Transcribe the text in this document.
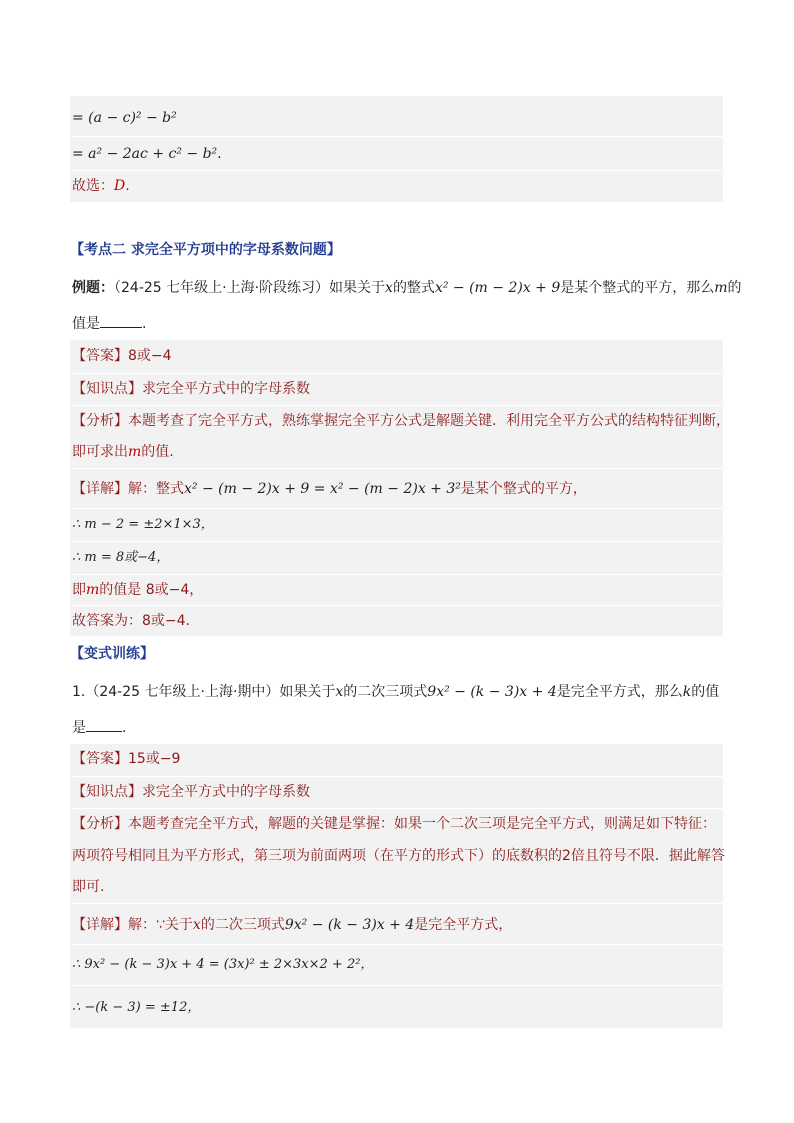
= (a − c)² − b²
= a² − 2ac + c² − b².
故选：D.
【考点二 求完全平方项中的字母系数问题】
例题：（24-25 七年级上·上海·阶段练习）如果关于x的整式x² − (m − 2)x + 9是某个整式的平方，那么m的
值是	.
【答案】8或−4
【知识点】求完全平方式中的字母系数
【分析】本题考查了完全平方式，熟练掌握完全平方公式是解题关键．利用完全平方公式的结构特征判断，
即可求出m的值.
【详解】解：整式x² − (m − 2)x + 9 = x² − (m − 2)x + 3²是某个整式的平方，
∴ m − 2 = ±2×1×3，
∴ m = 8或−4，
即m的值是 8或−4，
故答案为：8或−4.
【变式训练】
1.（24-25 七年级上·上海·期中）如果关于x的二次三项式9x² − (k − 3)x + 4是完全平方式，那么k的值
是	.
【答案】15或−9
【知识点】求完全平方式中的字母系数
【分析】本题考查完全平方式，解题的关键是掌握：如果一个二次三项是完全平方式，则满足如下特征：
两项符号相同且为平方形式，第三项为前面两项（在平方的形式下）的底数积的2倍且符号不限．据此解答
即可.
【详解】解：∵关于x的二次三项式9x² − (k − 3)x + 4是完全平方式，
∴ 9x² − (k − 3)x + 4 = (3x)² ± 2×3x×2 + 2²，
∴ −(k − 3) = ±12，
